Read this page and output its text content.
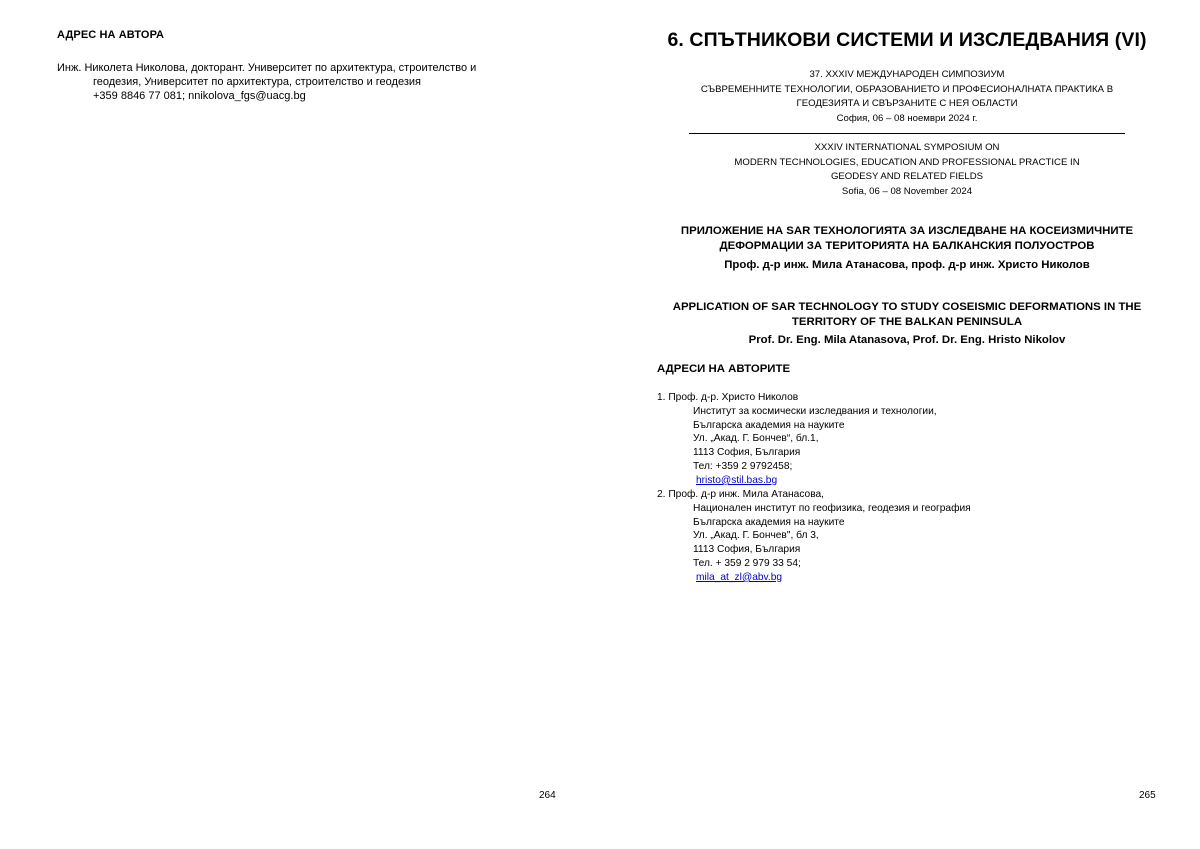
АДРЕС НА АВТОРА
Инж. Николета Николова, докторант. Университет по архитектура, строителство и
геодезия, Университет по архитектура, строителство и геодезия
+359 8846 77 081; nnikolova_fgs@uacg.bg
264
6. СПЪТНИКОВИ СИСТЕМИ И ИЗСЛЕДВАНИЯ (VI)
37. XXXIV МЕЖДУНАРОДЕН СИМПОЗИУМ
СЪВРЕМЕННИТЕ ТЕХНОЛОГИИ, ОБРАЗОВАНИЕТО И ПРОФЕСИОНАЛНАТА ПРАКТИКА В
ГЕОДЕЗИЯТА И СВЪРЗАНИТЕ С НЕЯ ОБЛАСТИ
София, 06 – 08 ноември 2024 г.
XXXIV INTERNATIONAL SYMPOSIUM ON
MODERN TECHNOLOGIES, EDUCATION AND PROFESSIONAL PRACTICE IN
GEODESY AND RELATED FIELDS
Sofia, 06 – 08 November 2024
ПРИЛОЖЕНИЕ НА SAR ТЕХНОЛОГИЯТА ЗА ИЗСЛЕДВАНЕ НА КОСЕИЗМИЧНИТЕ
ДЕФОРМАЦИИ ЗА ТЕРИТОРИЯТА НА БАЛКАНСКИЯ ПОЛУОСТРОВ
Проф. д-р инж. Мила Атанасова, проф. д-р инж. Христо Николов
APPLICATION OF SAR TECHNOLOGY TO STUDY COSEISMIC DEFORMATIONS IN THE
TERRITORY OF THE BALKAN PENINSULA
Prof. Dr. Eng. Mila Atanasova, Prof. Dr. Eng. Hristo Nikolov
АДРЕСИ НА АВТОРИТЕ
1. Проф. д-р. Христо Николов
Институт за космически изследвания и технологии,
Българска академия на науките
Ул. „Акад. Г. Бончев“, бл.1,
1113 София, България
Тел: +359 2 9792458;
hristo@stil.bas.bg
2. Проф. д-р инж. Мила Атанасова,
Национален институт по геофизика, геодезия и география
Българска академия на науките
Ул. „Акад. Г. Бончев", бл 3,
1113 София, България
Тел. + 359 2 979 33 54;
mila_at_zl@abv.bg
265
